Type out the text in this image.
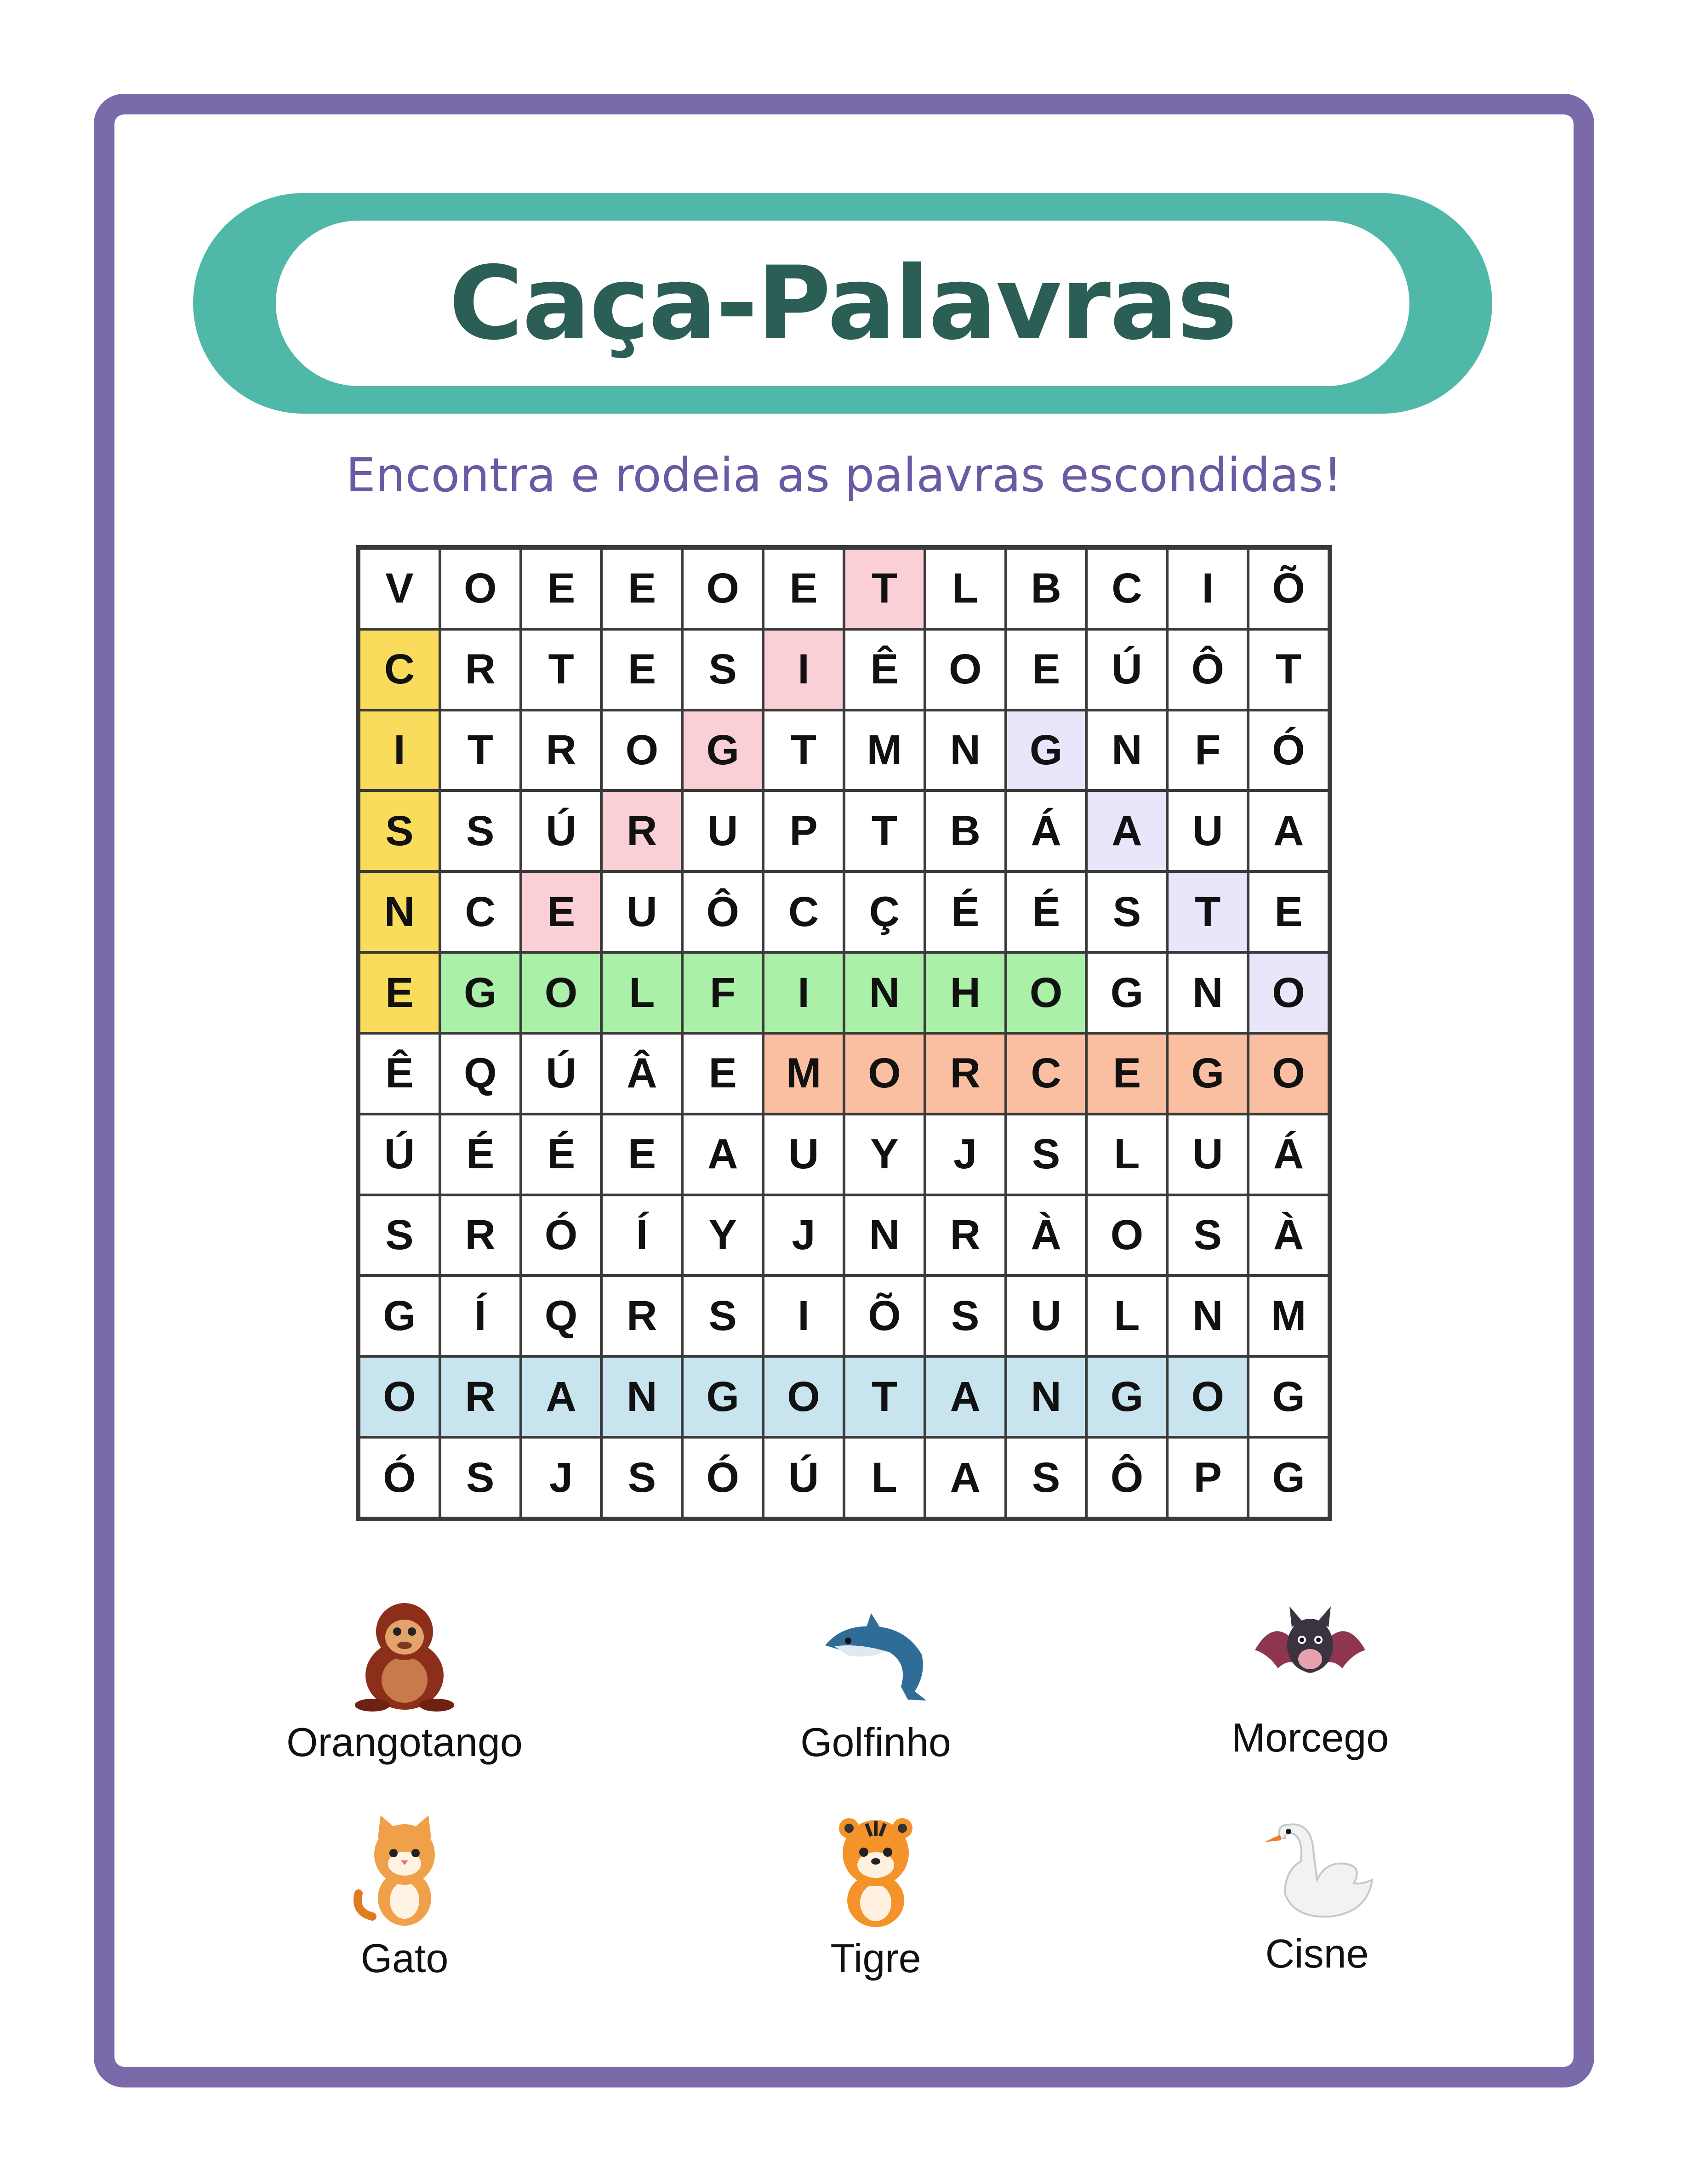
Caça-Palavras
Encontra e rodeia as palavras escondidas!
V	O	E	E	O	E	T	L	B	C	I	Õ
C	R	T	E	S	I	Ê	O	E	Ú	Ô	T
I	T	R	O	G	T	M	N	G	N	F	Ó
S	S	Ú	R	U	P	T	B	Á	A	U	A
N	C	E	U	Ô	C	Ç	É	É	S	T	E
E	G	O	L	F	I	N	H	O	G	N	O
Ê	Q	Ú	Â	E	M	O	R	C	E	G	O
Ú	É	É	E	A	U	Y	J	S	L	U	Á
S	R	Ó	Í	Y	J	N	R	À	O	S	À
G	Í	Q	R	S	I	Õ	S	U	L	N	M
O	R	A	N	G	O	T	A	N	G	O	G
Ó	S	J	S	Ó	Ú	L	A	S	Ô	P	G
Orangotango	Golfinho	Morcego
Gato	Tigre	Cisne
